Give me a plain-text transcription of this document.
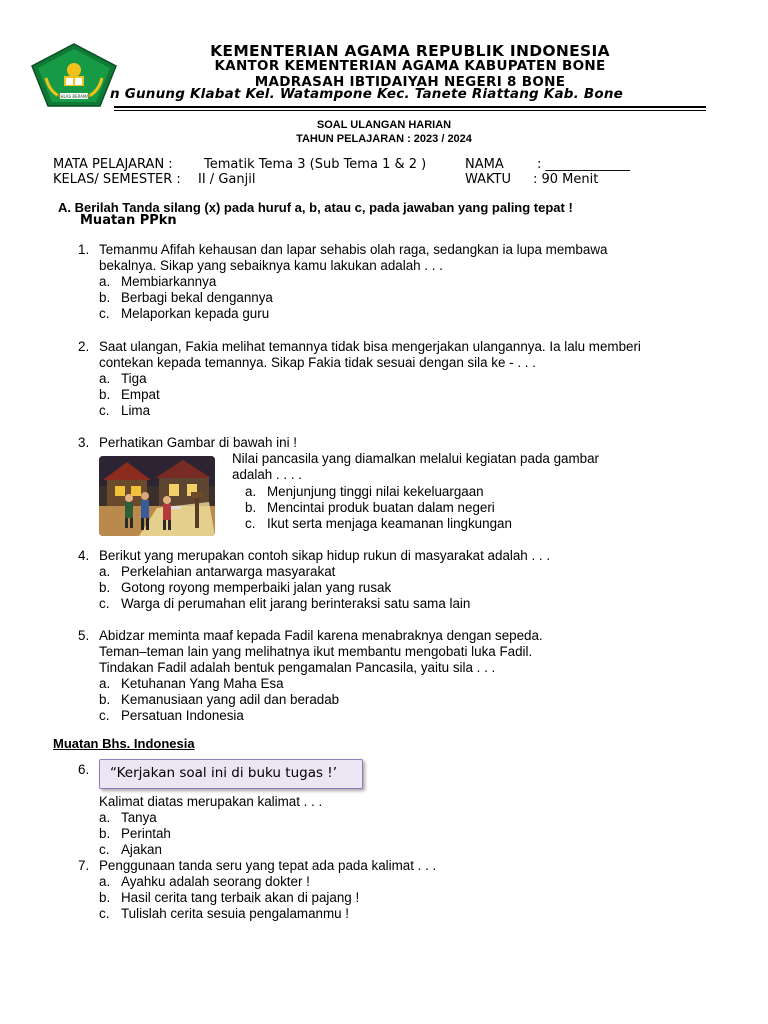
IKHLAS BERAMAL
KEMENTERIAN AGAMA REPUBLIK INDONESIA
KANTOR KEMENTERIAN AGAMA KABUPATEN BONE
MADRASAH IBTIDAIYAH NEGERI 8 BONE
n Gunung Klabat Kel. Watampone Kec. Tanete Riattang Kab. Bone
SOAL ULANGAN HARIAN
TAHUN PELAJARAN : 2023 / 2024
MATA PELAJARAN : Tematik Tema 3 (Sub Tema 1 & 2 )	NAMA	: _____________
KELAS/ SEMESTER : II / Ganjil	WAKTU : 90 Menit
A. Berilah Tanda silang (x) pada huruf a, b, atau c, pada jawaban yang paling tepat !
Muatan PPkn
1. Temanmu Afifah kehausan dan lapar sehabis olah raga, sedangkan ia lupa membawa
bekalnya. Sikap yang sebaiknya kamu lakukan adalah . . .
a. Membiarkannya
b. Berbagi bekal dengannya
c. Melaporkan kepada guru
2. Saat ulangan, Fakia melihat temannya tidak bisa mengerjakan ulangannya. Ia lalu memberi
contekan kepada temannya. Sikap Fakia tidak sesuai dengan sila ke - . . .
a. Tiga
b. Empat
c. Lima
3. Perhatikan Gambar di bawah ini !
Nilai pancasila yang diamalkan melalui kegiatan pada gambar
adalah . . . .
a. Menjunjung tinggi nilai kekeluargaan
b. Mencintai produk buatan dalam negeri
c. Ikut serta menjaga keamanan lingkungan
4. Berikut yang merupakan contoh sikap hidup rukun di masyarakat adalah . . .
a. Perkelahian antarwarga masyarakat
b. Gotong royong memperbaiki jalan yang rusak
c. Warga di perumahan elit jarang berinteraksi satu sama lain
5. Abidzar meminta maaf kepada Fadil karena menabraknya dengan sepeda.
Teman–teman lain yang melihatnya ikut membantu mengobati luka Fadil.
Tindakan Fadil adalah bentuk pengamalan Pancasila, yaitu sila . . .
a. Ketuhanan Yang Maha Esa
b. Kemanusiaan yang adil dan beradab
c. Persatuan Indonesia
Muatan Bhs. Indonesia
6. “Kerjakan soal ini di buku tugas !’
Kalimat diatas merupakan kalimat . . .
a. Tanya
b. Perintah
c. Ajakan
7. Penggunaan tanda seru yang tepat ada pada kalimat . . .
a. Ayahku adalah seorang dokter !
b. Hasil cerita tang terbaik akan di pajang !
c. Tulislah cerita sesuia pengalamanmu !
